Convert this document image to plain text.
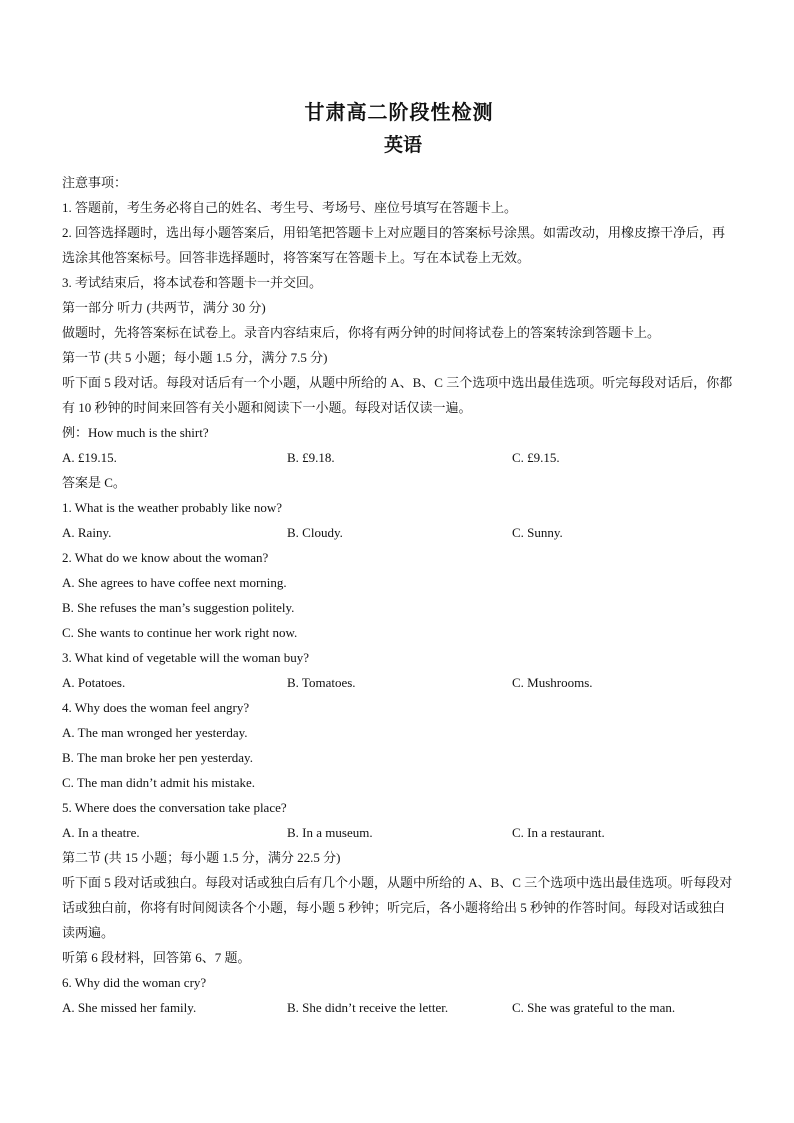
甘肃高二阶段性检测
英语

注意事项：

1. 答题前，考生务必将自己的姓名、考生号、考场号、座位号填写在答题卡上。

2. 回答选择题时，选出每小题答案后，用铅笔把答题卡上对应题目的答案标号涂黑。如需改动，用橡皮擦干净后，再选涂其他答案标号。回答非选择题时，将答案写在答题卡上。写在本试卷上无效。

3. 考试结束后，将本试卷和答题卡一并交回。

第一部分 听力 (共两节，满分 30 分)

做题时，先将答案标在试卷上。录音内容结束后，你将有两分钟的时间将试卷上的答案转涂到答题卡上。

第一节 (共 5 小题；每小题 1.5 分，满分 7.5 分)

听下面 5 段对话。每段对话后有一个小题，从题中所给的 A、B、C 三个选项中选出最佳选项。听完每段对话后，你都有 10 秒钟的时间来回答有关小题和阅读下一小题。每段对话仅读一遍。

例：How much is the shirt?

A. £19.15.	B. £9.18.	C. £9.15.

答案是 C。

1. What is the weather probably like now?

A. Rainy.	B. Cloudy.	C. Sunny.

2. What do we know about the woman?

A. She agrees to have coffee next morning.

B. She refuses the man’s suggestion politely.

C. She wants to continue her work right now.

3. What kind of vegetable will the woman buy?

A. Potatoes.	B. Tomatoes.	C. Mushrooms.

4. Why does the woman feel angry?

A. The man wronged her yesterday.

B. The man broke her pen yesterday.

C. The man didn’t admit his mistake.

5. Where does the conversation take place?

A. In a theatre.	B. In a museum.	C. In a restaurant.

第二节 (共 15 小题；每小题 1.5 分，满分 22.5 分)

听下面 5 段对话或独白。每段对话或独白后有几个小题，从题中所给的 A、B、C 三个选项中选出最佳选项。听每段对话或独白前，你将有时间阅读各个小题，每小题 5 秒钟；听完后，各小题将给出 5 秒钟的作答时间。每段对话或独白读两遍。

听第 6 段材料，回答第 6、7 题。

6. Why did the woman cry?

A. She missed her family.	B. She didn’t receive the letter.	C. She was grateful to the man.
